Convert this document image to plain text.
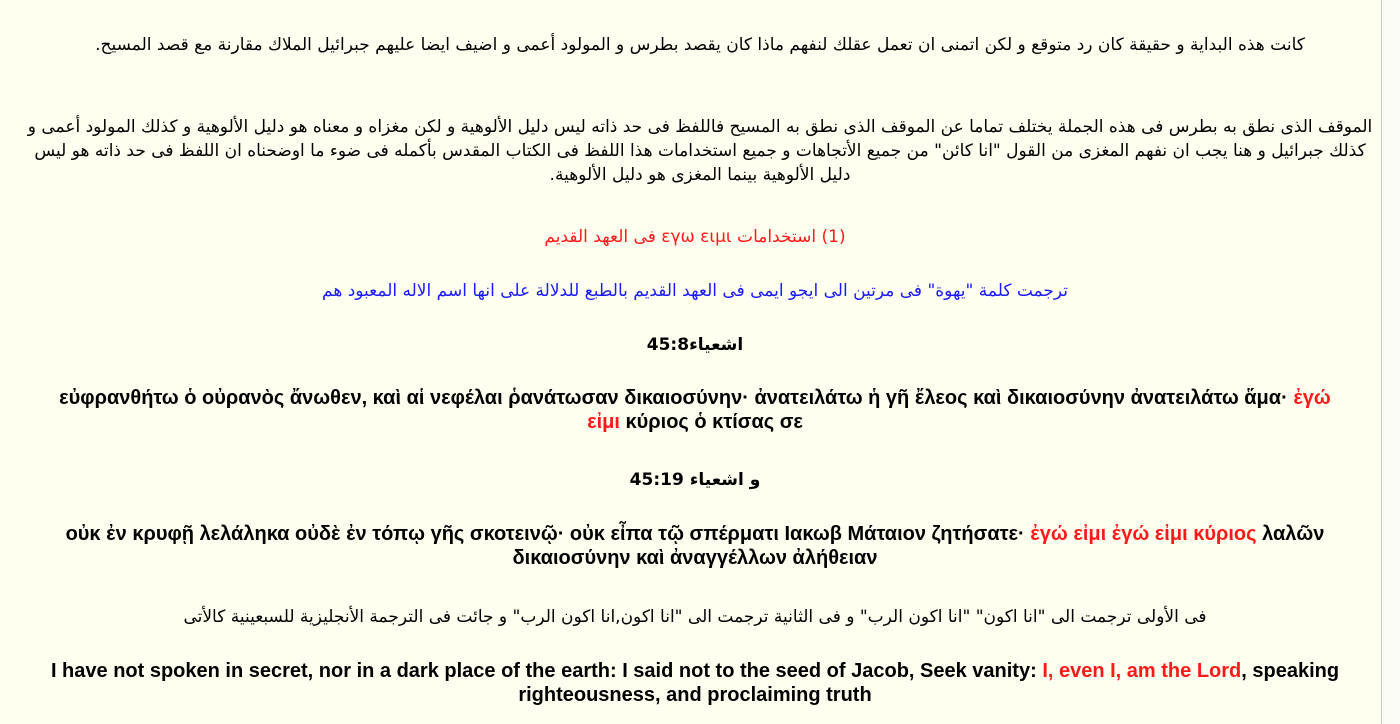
كانت هذه البداية و حقيقة كان رد متوقع و لكن اتمنى ان تعمل عقلك لنفهم ماذا كان يقصد بطرس و المولود أعمى و اضيف ايضا عليهم جبرائيل الملاك مقارنة مع قصد المسيح.

الموقف الذى نطق به بطرس فى هذه الجملة يختلف تماما عن الموقف الذى نطق به المسيح فاللفظ فى حد ذاته ليس دليل الألوهية و لكن مغزاه و معناه هو دليل الألوهية و كذلك المولود أعمى و كذلك جبرائيل و هنا يجب ان نفهم المغزى من القول "انا كائن" من جميع الأتجاهات و جميع استخدامات هذا اللفظ فى الكتاب المقدس بأكمله فى ضوء ما اوضحناه ان اللفظ فى حد ذاته هو ليس دليل الألوهية بينما المغزى هو دليل الألوهية.

(1) استخدامات εγω ειμι فى العهد القديم

ترجمت كلمة "يهوة" فى مرتين الى ايجو ايمى فى العهد القديم بالطبع للدلالة على انها اسم الاله المعبود هم

اشعياء45:8

εὐφρανθήτω ὁ οὐρανὸς ἄνωθεν, καὶ αἱ νεφέλαι ῥανάτωσαν δικαιοσύνην· ἀνατειλάτω ἡ γῆ ἔλεος καὶ δικαιοσύνην ἀνατειλάτω ἅμα· ἐγώ εἰμι κύριος ὁ κτίσας σε

و اشعياء 45:19

οὐκ ἐν κρυφῇ λελάληκα οὐδὲ ἐν τόπῳ γῆς σκοτεινῷ· οὐκ εἶπα τῷ σπέρματι Ιακωβ Μάταιον ζητήσατε· ἐγώ εἰμι ἐγώ εἰμι κύριος λαλῶν δικαιοσύνην καὶ ἀναγγέλλων ἀλήθειαν

فى الأولى ترجمت الى "انا اكون" "انا اكون الرب" و فى الثانية ترجمت الى "انا اكون,انا اكون الرب" و جائت فى الترجمة الأنجليزية للسبعينية كالأتى

I have not spoken in secret, nor in a dark place of the earth: I said not to the seed of Jacob, Seek vanity: I, even I, am the Lord, speaking righteousness, and proclaiming truth
